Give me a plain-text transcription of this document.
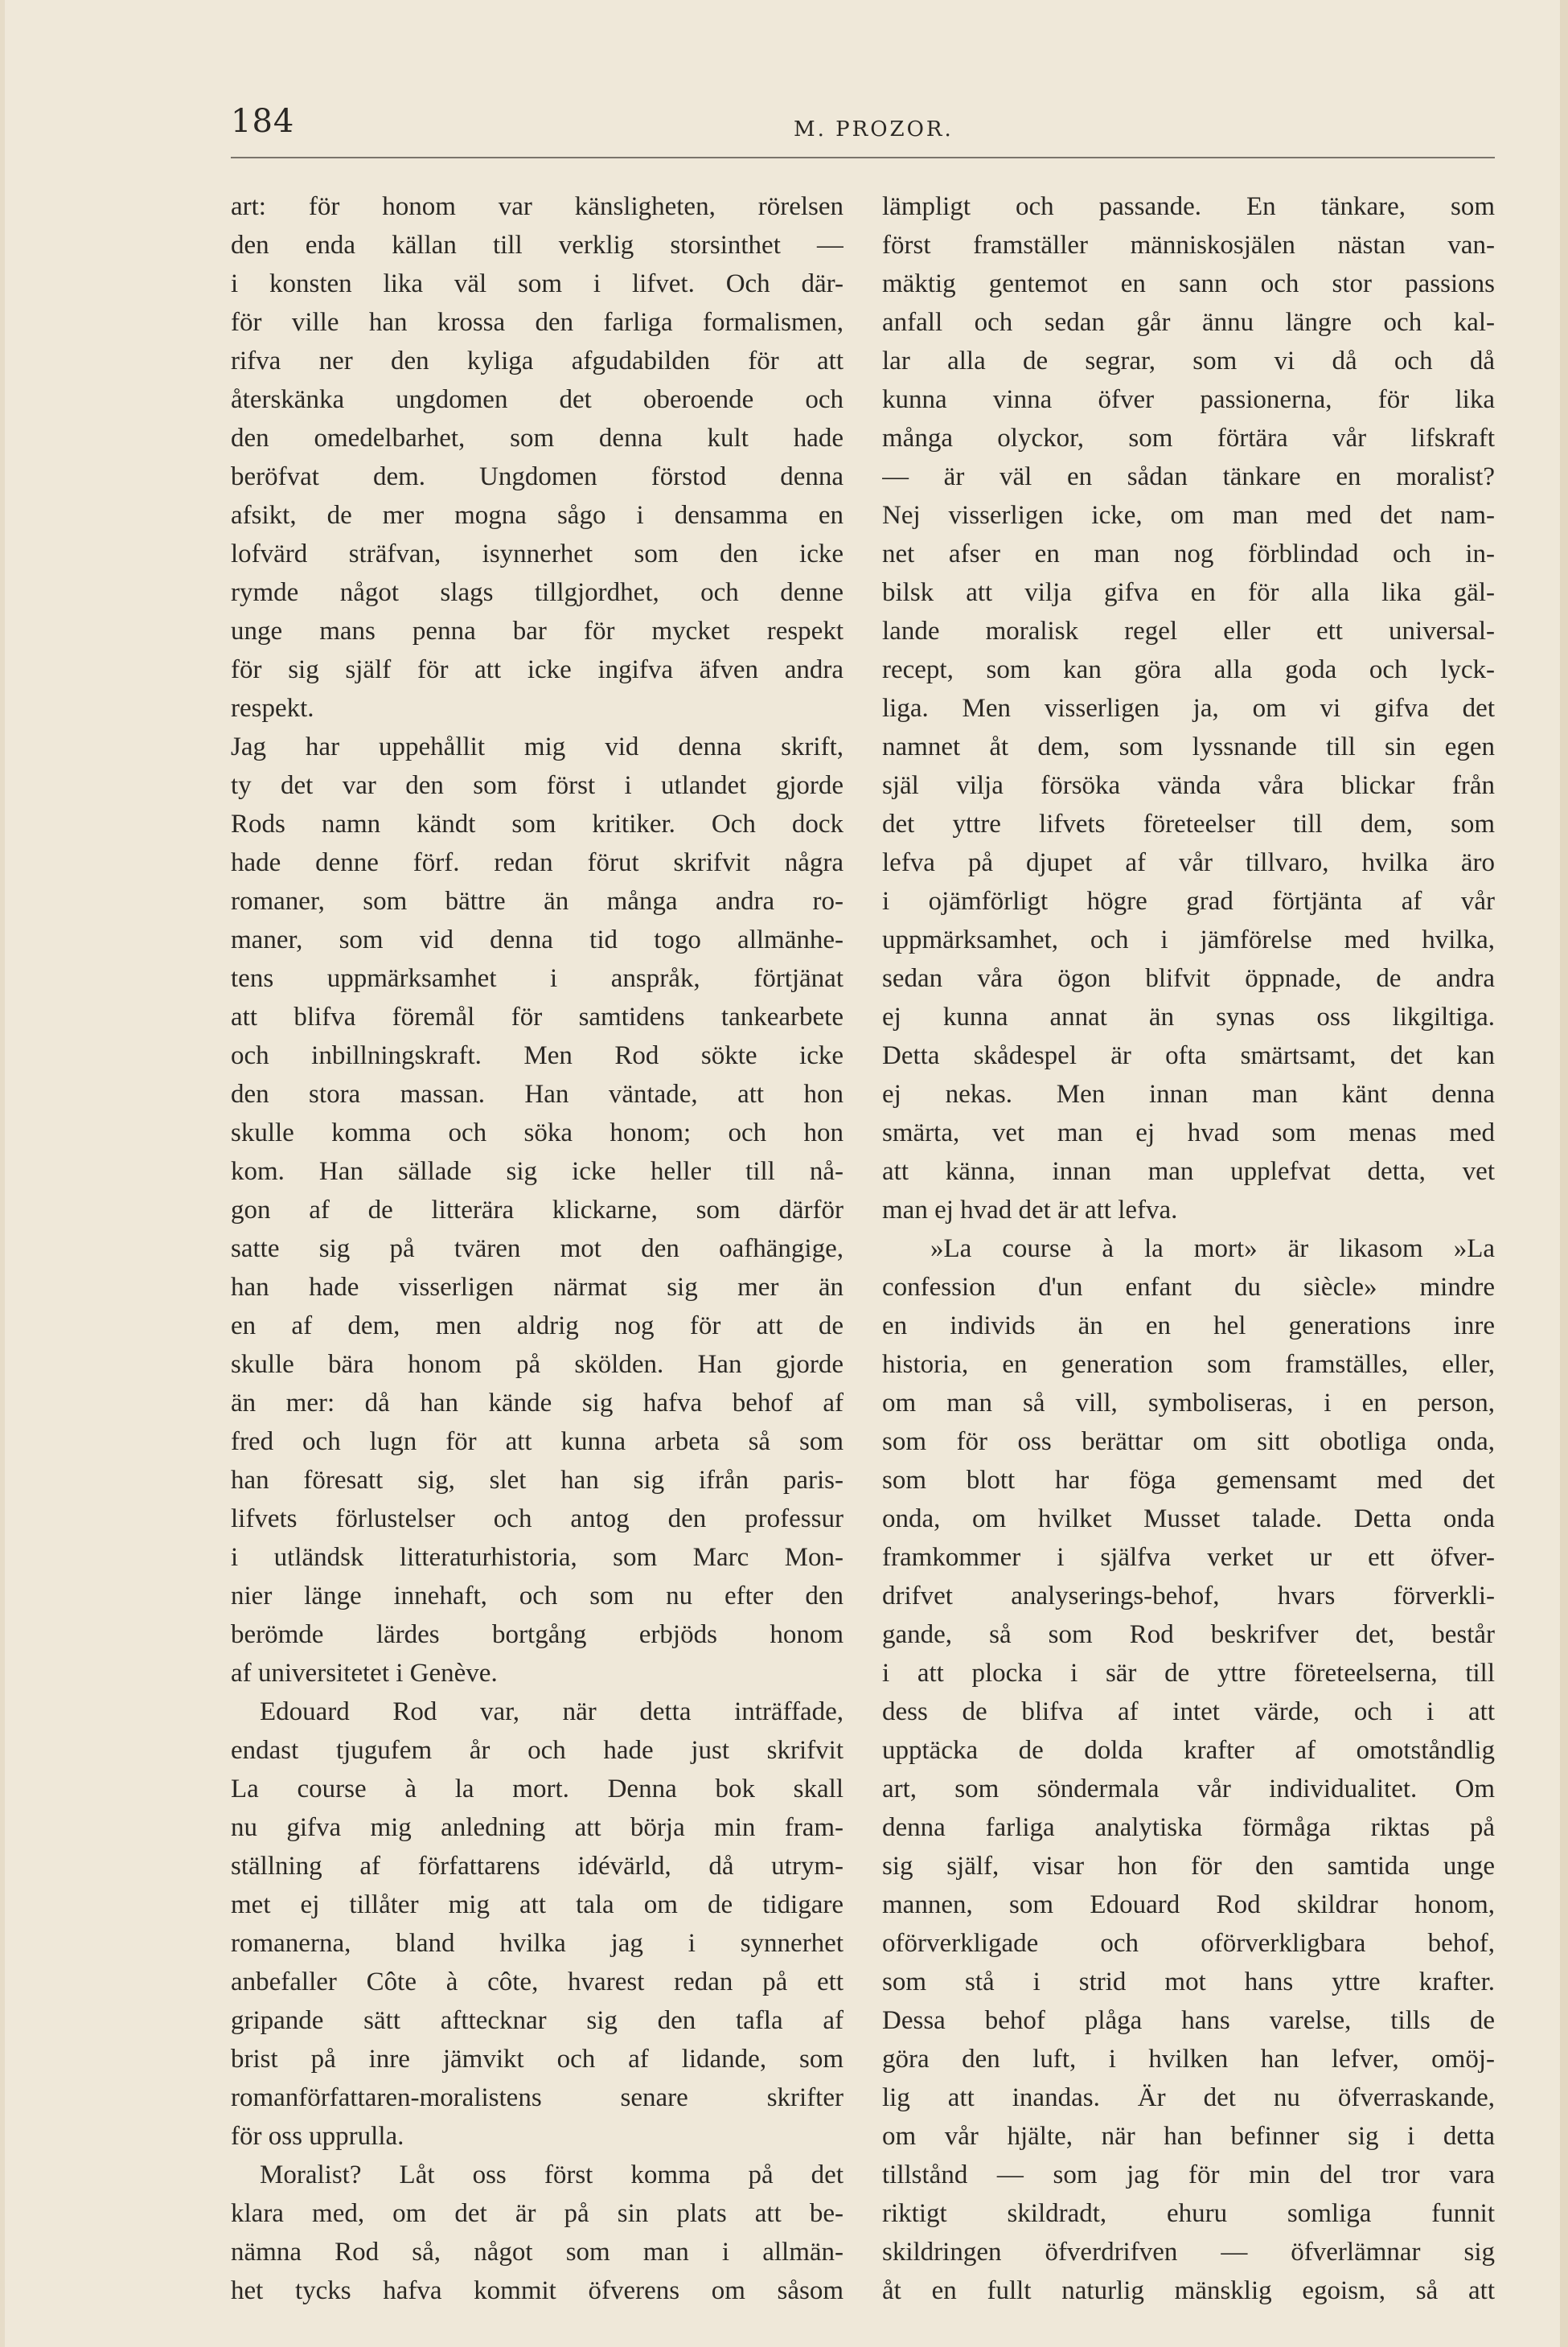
184	M. PROZOR.
art: för honom var känsligheten, rörelsen
den enda källan till verklig storsinthet —
i konsten lika väl som i lifvet. Och där-
för ville han krossa den farliga formalismen,
rifva ner den kyliga afgudabilden för att
återskänka ungdomen det oberoende och
den omedelbarhet, som denna kult hade
beröfvat dem. Ungdomen förstod denna
afsikt, de mer mogna sågo i densamma en
lofvärd sträfvan, isynnerhet som den icke
rymde något slags tillgjordhet, och denne
unge mans penna bar för mycket respekt
för sig själf för att icke ingifva äfven andra
respekt.
Jag har uppehållit mig vid denna skrift,
ty det var den som först i utlandet gjorde
Rods namn kändt som kritiker. Och dock
hade denne förf. redan förut skrifvit några
romaner, som bättre än många andra ro-
maner, som vid denna tid togo allmänhe-
tens uppmärksamhet i anspråk, förtjänat
att blifva föremål för samtidens tankearbete
och inbillningskraft. Men Rod sökte icke
den stora massan. Han väntade, att hon
skulle komma och söka honom; och hon
kom. Han sällade sig icke heller till nå-
gon af de litterära klickarne, som därför
satte sig på tvären mot den oafhängige,
han hade visserligen närmat sig mer än
en af dem, men aldrig nog för att de
skulle bära honom på skölden. Han gjorde
än mer: då han kände sig hafva behof af
fred och lugn för att kunna arbeta så som
han föresatt sig, slet han sig ifrån paris-
lifvets förlustelser och antog den professur
i utländsk litteraturhistoria, som Marc Mon-
nier länge innehaft, och som nu efter den
berömde lärdes bortgång erbjöds honom
af universitetet i Genève.
Edouard Rod var, när detta inträffade,
endast tjugufem år och hade just skrifvit
La course à la mort. Denna bok skall
nu gifva mig anledning att börja min fram-
ställning af författarens idévärld, då utrym-
met ej tillåter mig att tala om de tidigare
romanerna, bland hvilka jag i synnerhet
anbefaller Côte à côte, hvarest redan på ett
gripande sätt afttecknar sig den tafla af
brist på inre jämvikt och af lidande, som
romanförfattaren-moralistens senare skrifter
för oss upprulla.
Moralist? Låt oss först komma på det
klara med, om det är på sin plats att be-
nämna Rod så, något som man i allmän-
het tycks hafva kommit öfverens om såsom
lämpligt och passande. En tänkare, som
först framställer människosjälen nästan van-
mäktig gentemot en sann och stor passions
anfall och sedan går ännu längre och kal-
lar alla de segrar, som vi då och då
kunna vinna öfver passionerna, för lika
många olyckor, som förtära vår lifskraft
— är väl en sådan tänkare en moralist?
Nej visserligen icke, om man med det nam-
net afser en man nog förblindad och in-
bilsk att vilja gifva en för alla lika gäl-
lande moralisk regel eller ett universal-
recept, som kan göra alla goda och lyck-
liga. Men visserligen ja, om vi gifva det
namnet åt dem, som lyssnande till sin egen
själ vilja försöka vända våra blickar från
det yttre lifvets företeelser till dem, som
lefva på djupet af vår tillvaro, hvilka äro
i ojämförligt högre grad förtjänta af vår
uppmärksamhet, och i jämförelse med hvilka,
sedan våra ögon blifvit öppnade, de andra
ej kunna annat än synas oss likgiltiga.
Detta skådespel är ofta smärtsamt, det kan
ej nekas. Men innan man känt denna
smärta, vet man ej hvad som menas med
att känna, innan man upplefvat detta, vet
man ej hvad det är att lefva.
»La course à la mort» är likasom »La
confession d'un enfant du siècle» mindre
en individs än en hel generations inre
historia, en generation som framställes, eller,
om man så vill, symboliseras, i en person,
som för oss berättar om sitt obotliga onda,
som blott har föga gemensamt med det
onda, om hvilket Musset talade. Detta onda
framkommer i själfva verket ur ett öfver-
drifvet analyserings-behof, hvars förverkli-
gande, så som Rod beskrifver det, består
i att plocka i sär de yttre företeelserna, till
dess de blifva af intet värde, och i att
upptäcka de dolda krafter af omotståndlig
art, som söndermala vår individualitet. Om
denna farliga analytiska förmåga riktas på
sig själf, visar hon för den samtida unge
mannen, som Edouard Rod skildrar honom,
oförverkligade och oförverkligbara behof,
som stå i strid mot hans yttre krafter.
Dessa behof plåga hans varelse, tills de
göra den luft, i hvilken han lefver, omöj-
lig att inandas. Är det nu öfverraskande,
om vår hjälte, när han befinner sig i detta
tillstånd — som jag för min del tror vara
riktigt skildradt, ehuru somliga funnit
skildringen öfverdrifven — öfverlämnar sig
åt en fullt naturlig mänsklig egoism, så att
